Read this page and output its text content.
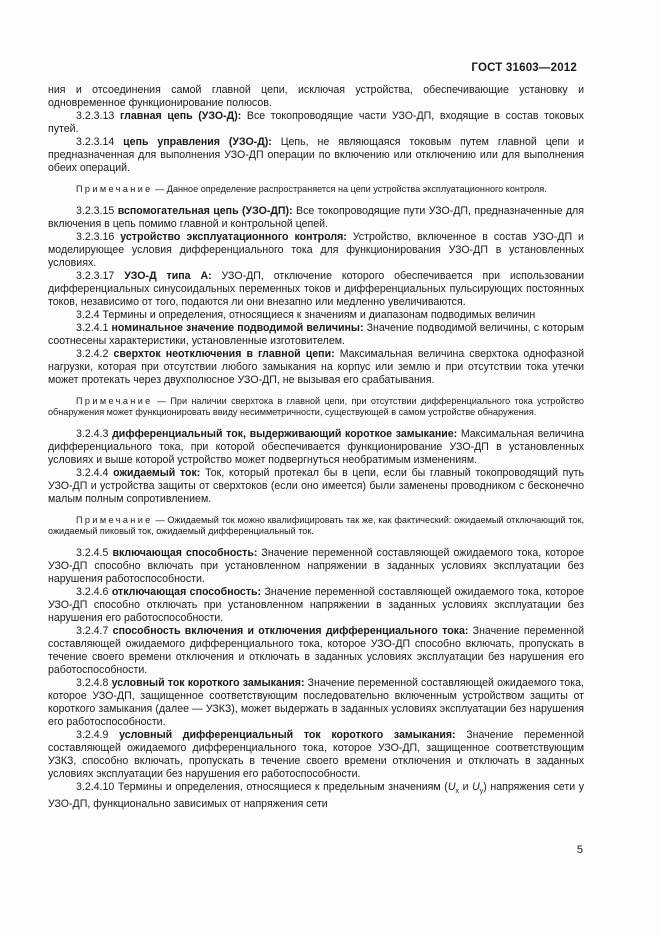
ГОСТ 31603—2012

ния и отсоединения самой главной цепи, исключая устройства, обеспечивающие установку и одновременное функционирование полюсов.

3.2.3.13 главная цепь (УЗО-Д): Все токопроводящие части УЗО-ДП, входящие в состав токовых путей.

3.2.3.14 цепь управления (УЗО-Д): Цепь, не являющаяся токовым путем главной цепи и предназначенная для выполнения УЗО-ДП операции по включению или отключению или для выполнения обеих операций.

Примечание — Данное определение распространяется на цепи устройства эксплуатационного контроля.

3.2.3.15 вспомогательная цепь (УЗО-ДП): Все токопроводящие пути УЗО-ДП, предназначенные для включения в цепь помимо главной и контрольной цепей.

3.2.3.16 устройство эксплуатационного контроля: Устройство, включенное в состав УЗО-ДП и моделирующее условия дифференциального тока для функционирования УЗО-ДП в установленных условиях.

3.2.3.17 УЗО-Д типа А: УЗО-ДП, отключение которого обеспечивается при использовании дифференциальных синусоидальных переменных токов и дифференциальных пульсирующих постоянных токов, независимо от того, подаются ли они внезапно или медленно увеличиваются.

3.2.4 Термины и определения, относящиеся к значениям и диапазонам подводимых величин

3.2.4.1 номинальное значение подводимой величины: Значение подводимой величины, с которым соотнесены характеристики, установленные изготовителем.

3.2.4.2 сверхток неотключения в главной цепи: Максимальная величина сверхтока однофазной нагрузки, которая при отсутствии любого замыкания на корпус или землю и при отсутствии тока утечки может протекать через двухполюсное УЗО-ДП, не вызывая его срабатывания.

Примечание — При наличии сверхтока в главной цепи, при отсутствии дифференциального тока устройство обнаружения может функционировать ввиду несимметричности, существующей в самом устройстве обнаружения.

3.2.4.3 дифференциальный ток, выдерживающий короткое замыкание: Максимальная величина дифференциального тока, при которой обеспечивается функционирование УЗО-ДП в установленных условиях и выше которой устройство может подвергнуться необратимым изменениям.

3.2.4.4 ожидаемый ток: Ток, который протекал бы в цепи, если бы главный токопроводящий путь УЗО-ДП и устройства защиты от сверхтоков (если оно имеется) были заменены проводником с бесконечно малым полным сопротивлением.

Примечание — Ожидаемый ток можно квалифицировать так же, как фактический: ожидаемый отключающий ток, ожидаемый пиковый ток, ожидаемый дифференциальный ток.

3.2.4.5 включающая способность: Значение переменной составляющей ожидаемого тока, которое УЗО-ДП способно включать при установленном напряжении в заданных условиях эксплуатации без нарушения работоспособности.

3.2.4.6 отключающая способность: Значение переменной составляющей ожидаемого тока, которое УЗО-ДП способно отключать при установленном напряжении в заданных условиях эксплуатации без нарушения его работоспособности.

3.2.4.7 способность включения и отключения дифференциального тока: Значение переменной составляющей ожидаемого дифференциального тока, которое УЗО-ДП способно включать, пропускать в течение своего времени отключения и отключать в заданных условиях эксплуатации без нарушения его работоспособности.

3.2.4.8 условный ток короткого замыкания: Значение переменной составляющей ожидаемого тока, которое УЗО-ДП, защищенное соответствующим последовательно включенным устройством защиты от короткого замыкания (далее — УЗКЗ), может выдержать в заданных условиях эксплуатации без нарушения его работоспособности.

3.2.4.9 условный дифференциальный ток короткого замыкания: Значение переменной составляющей ожидаемого дифференциального тока, которое УЗО-ДП, защищенное соответствующим УЗКЗ, способно включать, пропускать в течение своего времени отключения и отключать в заданных условиях эксплуатации без нарушения его работоспособности.

3.2.4.10 Термины и определения, относящиеся к предельным значениям ($U_x$ и $U_y$) напряжения сети у УЗО-ДП, функционально зависимых от напряжения сети

5
